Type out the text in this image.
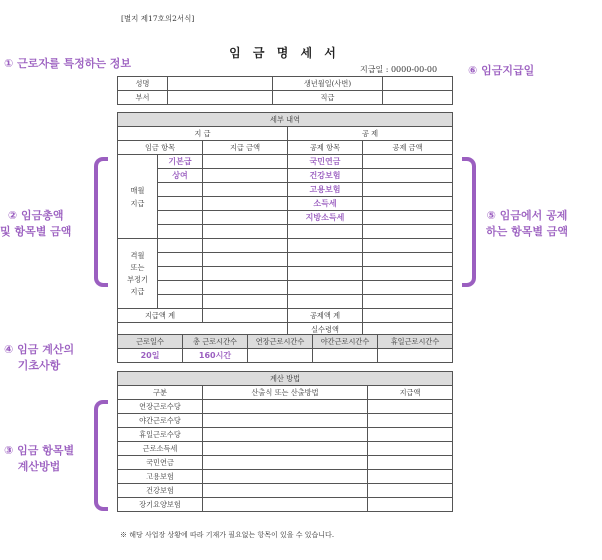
[별지 제17호의2서식]
임 금 명 세 서
지급일 : 0000-00-00
성명		생년월일(사번)	
부서		직급	
세부 내역				
지 급			공 제	
임금 항목		지급 금액	공제 항목	공제 금액

매월
지급	기본급		국민연금	
	상여		건강보험	
			고용보험	
			소득세	
			지방소득세	

격월
또는
부정기
지급				

지급액 계			공제액 계	
			실수령액	
근로일수	총 근로시간수	연장근로시간수	야간근로시간수	휴일근로시간수
20일	160시간			
계산 방법		
구분	산출식 또는 산출방법	지급액
연장근로수당		
야간근로수당		
휴일근로수당		
근로소득세		
국민연금		
고용보험		
건강보험		
장기요양보험		
※ 해당 사업장 상황에 따라 기재가 필요없는 항목이 있을 수 있습니다.
① 근로자를 특정하는 정보
⑥ 임금지급일
② 임금총액
및 항목별 금액
⑤ 임금에서 공제
하는 항목별 금액
④ 임금 계산의
기초사항
③ 임금 항목별
계산방법
